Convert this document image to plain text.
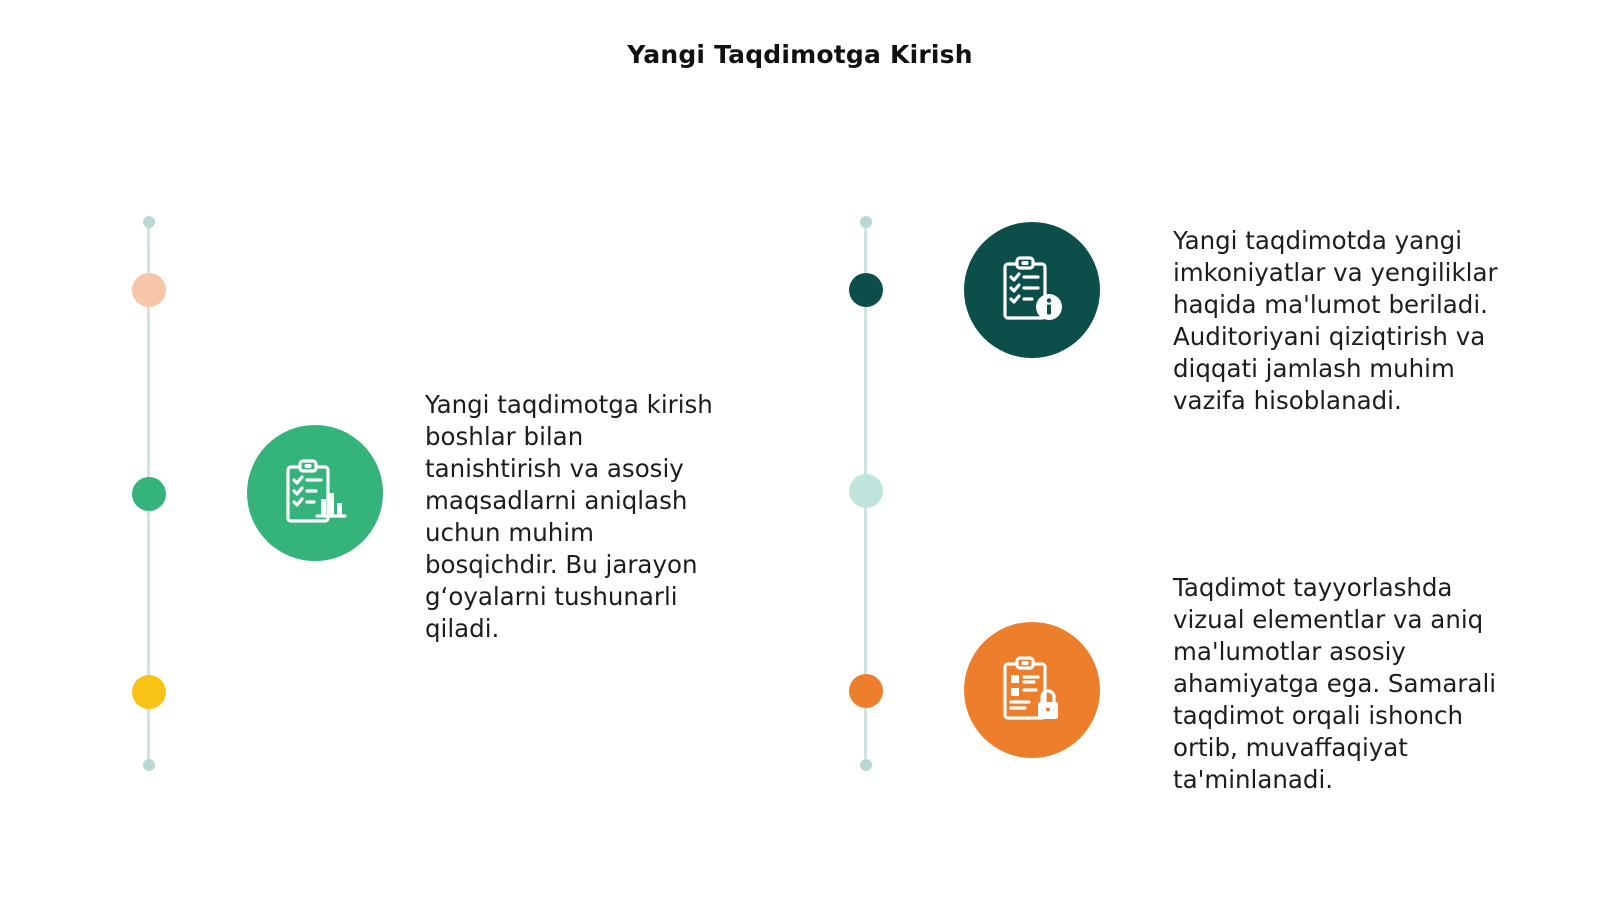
Yangi Taqdimotga Kirish
Yangi taqdimotga kirish
boshlar bilan
tanishtirish va asosiy
maqsadlarni aniqlash
uchun muhim
bosqichdir. Bu jarayon
g‘oyalarni tushunarli
qiladi.
Yangi taqdimotda yangi
imkoniyatlar va yengiliklar
haqida ma'lumot beriladi.
Auditoriyani qiziqtirish va
diqqati jamlash muhim
vazifa hisoblanadi.
Taqdimot tayyorlashda
vizual elementlar va aniq
ma'lumotlar asosiy
ahamiyatga ega. Samarali
taqdimot orqali ishonch
ortib, muvaffaqiyat
ta'minlanadi.
